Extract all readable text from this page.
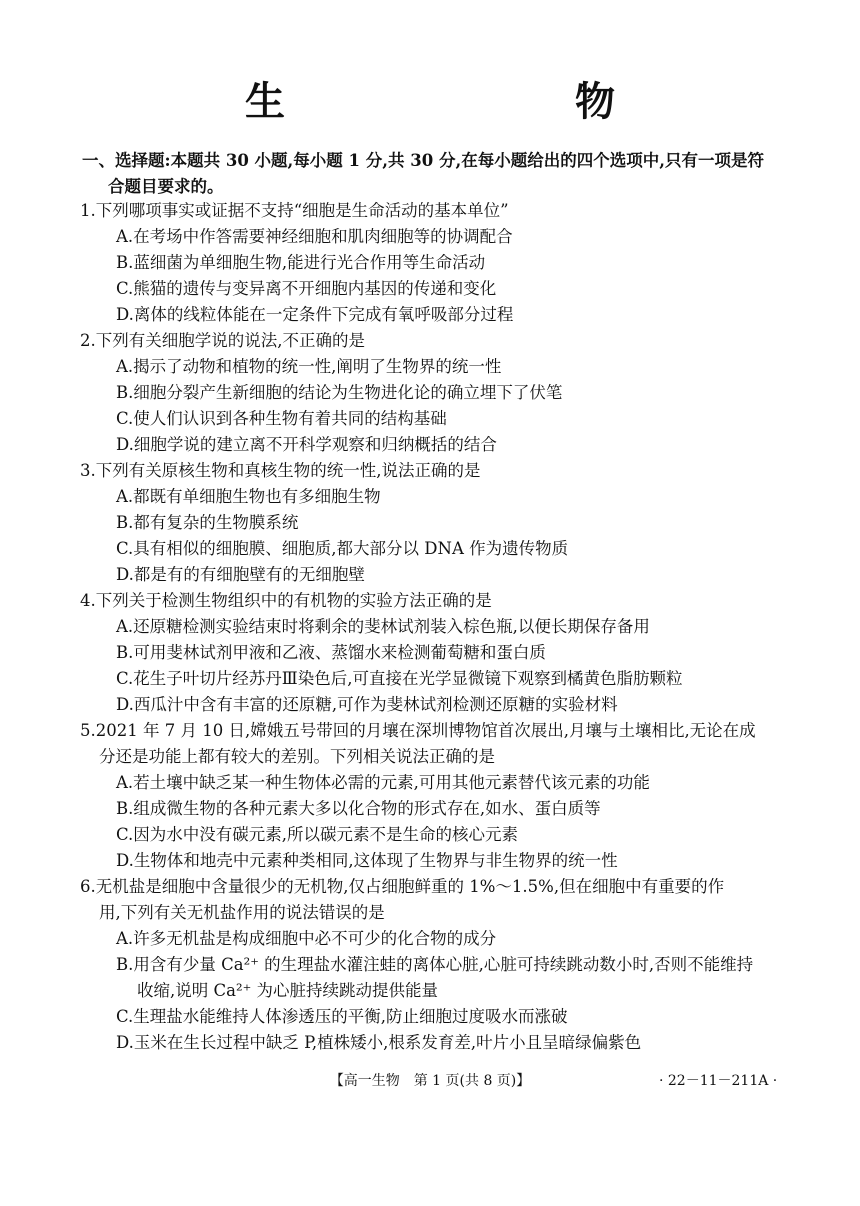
生　　物
一、选择题:本题共 30 小题,每小题 1 分,共 30 分,在每小题给出的四个选项中,只有一项是符
合题目要求的。
1.下列哪项事实或证据不支持“细胞是生命活动的基本单位”
A.在考场中作答需要神经细胞和肌肉细胞等的协调配合
B.蓝细菌为单细胞生物,能进行光合作用等生命活动
C.熊猫的遗传与变异离不开细胞内基因的传递和变化
D.离体的线粒体能在一定条件下完成有氧呼吸部分过程
2.下列有关细胞学说的说法,不正确的是
A.揭示了动物和植物的统一性,阐明了生物界的统一性
B.细胞分裂产生新细胞的结论为生物进化论的确立埋下了伏笔
C.使人们认识到各种生物有着共同的结构基础
D.细胞学说的建立离不开科学观察和归纳概括的结合
3.下列有关原核生物和真核生物的统一性,说法正确的是
A.都既有单细胞生物也有多细胞生物
B.都有复杂的生物膜系统
C.具有相似的细胞膜、细胞质,都大部分以 DNA 作为遗传物质
D.都是有的有细胞壁有的无细胞壁
4.下列关于检测生物组织中的有机物的实验方法正确的是
A.还原糖检测实验结束时将剩余的斐林试剂装入棕色瓶,以便长期保存备用
B.可用斐林试剂甲液和乙液、蒸馏水来检测葡萄糖和蛋白质
C.花生子叶切片经苏丹Ⅲ染色后,可直接在光学显微镜下观察到橘黄色脂肪颗粒
D.西瓜汁中含有丰富的还原糖,可作为斐林试剂检测还原糖的实验材料
5.2021 年 7 月 10 日,嫦娥五号带回的月壤在深圳博物馆首次展出,月壤与土壤相比,无论在成
分还是功能上都有较大的差别。下列相关说法正确的是
A.若土壤中缺乏某一种生物体必需的元素,可用其他元素替代该元素的功能
B.组成微生物的各种元素大多以化合物的形式存在,如水、蛋白质等
C.因为水中没有碳元素,所以碳元素不是生命的核心元素
D.生物体和地壳中元素种类相同,这体现了生物界与非生物界的统一性
6.无机盐是细胞中含量很少的无机物,仅占细胞鲜重的 1%～1.5%,但在细胞中有重要的作
用,下列有关无机盐作用的说法错误的是
A.许多无机盐是构成细胞中必不可少的化合物的成分
B.用含有少量 Ca²⁺ 的生理盐水灌注蛙的离体心脏,心脏可持续跳动数小时,否则不能维持
收缩,说明 Ca²⁺ 为心脏持续跳动提供能量
C.生理盐水能维持人体渗透压的平衡,防止细胞过度吸水而涨破
D.玉米在生长过程中缺乏 P,植株矮小,根系发育差,叶片小且呈暗绿偏紫色
【高一生物　第 1 页(共 8 页)】	· 22－11－211A ·
